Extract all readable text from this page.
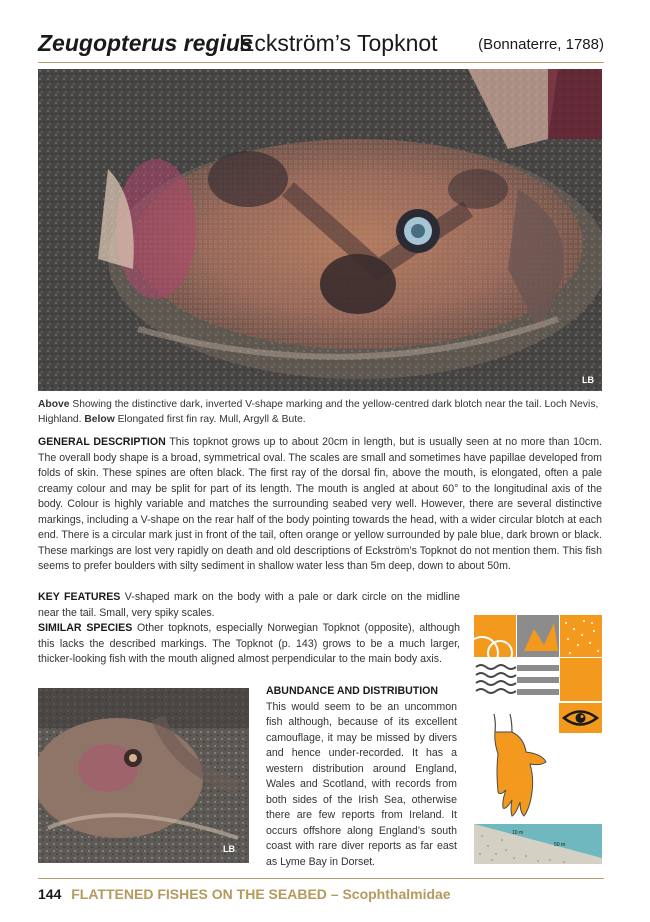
Zeugopterus regius
Eckström’s Topknot	(Bonnaterre, 1788)
LB
Above Showing the distinctive dark, inverted V-shape marking and the yellow-centred dark blotch near the tail. Loch Nevis, Highland. Below Elongated first fin ray. Mull, Argyll & Bute.
GENERAL DESCRIPTION This topknot grows up to about 20cm in length, but is usually seen at no more than 10cm. The overall body shape is a broad, symmetrical oval. The scales are small and sometimes have papillae developed from folds of skin. These spines are often black. The first ray of the dorsal fin, above the mouth, is elongated, often a pale creamy colour and may be split for part of its length. The mouth is angled at about 60° to the longitudinal axis of the body. Colour is highly variable and matches the surrounding seabed very well. However, there are several distinctive markings, including a V-shape on the rear half of the body pointing towards the head, with a wider circular blotch at each end. There is a circular mark just in front of the tail, often orange or yellow surrounded by pale blue, dark brown or black. These markings are lost very rapidly on death and old descriptions of Eckström’s Topknot do not mention them. This fish seems to prefer boulders with silty sediment in shallow water less than 5m deep, down to about 50m.
KEY FEATURES V-shaped mark on the body with a pale or dark circle on the midline near the tail. Small, very spiky scales.
SIMILAR SPECIES Other topknots, especially Norwegian Topknot (opposite), although this lacks the described markings. The Topknot (p. 143) grows to be a much larger, thicker-looking fish with the mouth aligned almost perpendicular to the main body axis.
10 m
50 m
LB
ABUNDANCE AND DISTRIBUTION
This would seem to be an uncommon fish although, because of its excellent camouflage, it may be missed by divers and hence under-recorded. It has a western distribution around England, Wales and Scotland, with records from both sides of the Irish Sea, otherwise there are few reports from Ireland. It occurs offshore along England’s south coast with rare diver reports as far east as Lyme Bay in Dorset.
144 FLATTENED FISHES ON THE SEABED – Scophthalmidae
